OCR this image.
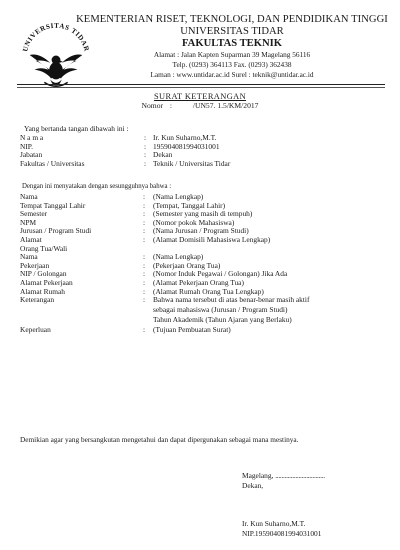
UNIVERSITAS TIDAR
KEMENTERIAN RISET, TEKNOLOGI, DAN PENDIDIKAN TINGGI
UNIVERSITAS TIDAR
FAKULTAS TEKNIK
Alamat : Jalan Kapten Suparman 39 Magelang 56116
Telp. (0293) 364113 Fax. (0293) 362438
Laman : www.untidar.ac.id Surel : teknik@untidar.ac.id
SURAT KETERANGAN
Nomor :	/UN57. 1.5/KM/2017
Yang bertanda tangan dibawah ini :
N a m a	: Ir. Kun Suharno,M.T.
NIP.	: 195904081994031001
Jabatan	: Dekan
Fakultas / Universitas	: Teknik / Universitas Tidar
Dengan ini menyatakan dengan sesungguhnya bahwa :
Nama	: (Nama Lengkap)
Tempat Tanggal Lahir	: (Tempat, Tanggal Lahir)
Semester	: (Semester yang masih di tempuh)
NPM	: (Nomor pokok Mahasiswa)
Jurusan / Program Studi	: (Nama Jurusan / Program Studi)
Alamat	: (Alamat Domisili Mahasiswa Lengkap)
Orang Tua/Wali
Nama	: (Nama Lengkap)
Pekerjaan	: (Pekerjaan Orang Tua)
NIP / Golongan	: (Nomor Induk Pegawai / Golongan) Jika Ada
Alamat Pekerjaan	: (Alamat Pekerjaan Orang Tua)
Alamat Rumah	: (Alamat Rumah Orang Tua Lengkap)
Keterangan	: Bahwa nama tersebut di atas benar-benar masih aktif
sebagai mahasiswa (Jurusan / Program Studi)
Tahun Akademik (Tahun Ajaran yang Berlaku)
Keperluan	: (Tujuan Pembuatan Surat)
Demikian agar yang bersangkutan mengetahui dan dapat dipergunakan sebagai mana mestinya.
Magelang, ................................
Dekan,
Ir. Kun Suharno,M.T.
NIP.195904081994031001
